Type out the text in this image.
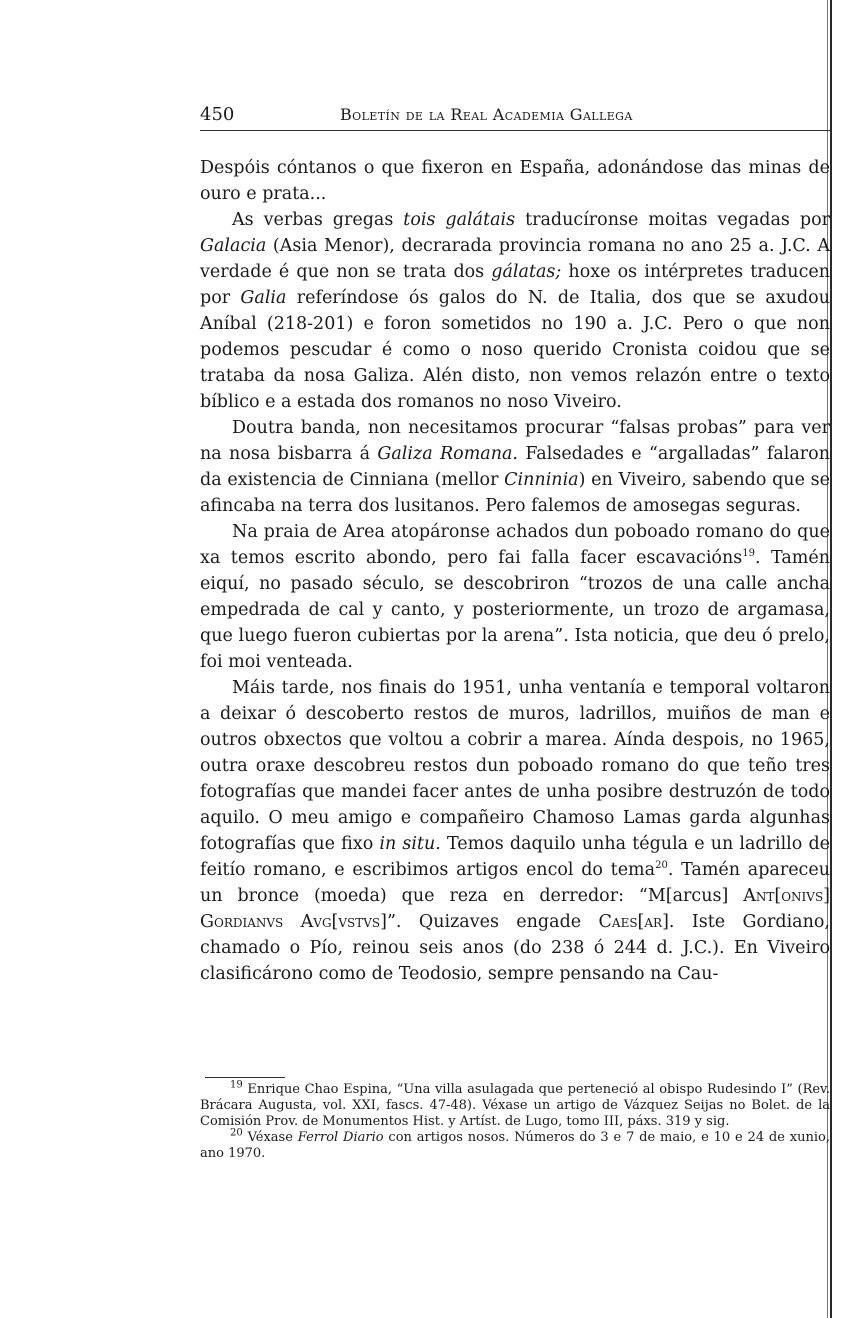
450	Boletín de la Real Academia Gallega

Despóis cóntanos o que fixeron en España, adonándose das minas de ouro e prata...

As verbas gregas tois galátais traducíronse moitas vegadas por Galacia (Asia Menor), decrarada provincia romana no ano 25 a. J.C. A verdade é que non se trata dos gálatas; hoxe os intérpretes traducen por Galia referíndose ós galos do N. de Italia, dos que se axudou Aníbal (218-201) e foron sometidos no 190 a. J.C. Pero o que non podemos pescudar é como o noso querido Cronista coidou que se trataba da nosa Galiza. Alén disto, non vemos relazón entre o texto bíblico e a estada dos romanos no noso Viveiro.

Doutra banda, non necesitamos procurar “falsas probas” para ver na nosa bisbarra á Galiza Romana. Falsedades e “argalladas” falaron da existencia de Cinniana (mellor Cinninia) en Viveiro, sabendo que se afincaba na terra dos lusitanos. Pero falemos de amosegas seguras.

Na praia de Area atopáronse achados dun poboado romano do que xa temos escrito abondo, pero fai falla facer escavacións$^{19}$. Tamén eiquí, no pasado século, se descobriron “trozos de una calle ancha empedrada de cal y canto, y posteriormente, un trozo de argamasa, que luego fueron cubiertas por la arena”. Ista noticia, que deu ó prelo, foi moi venteada.

Máis tarde, nos finais do 1951, unha ventanía e temporal voltaron a deixar ó descoberto restos de muros, ladrillos, muiños de man e outros obxectos que voltou a cobrir a marea. Aínda despois, no 1965, outra oraxe descobreu restos dun poboado romano do que teño tres fotografías que mandei facer antes de unha posibre destruzón de todo aquilo. O meu amigo e compañeiro Chamoso Lamas garda algunhas fotografías que fixo in situ. Temos daquilo unha tégula e un ladrillo de feitío romano, e escribimos artigos encol do tema$^{20}$. Tamén apareceu un bronce (moeda) que reza en derredor: “M[arcus] Ant[onivs] Gordianvs Avg[vstvs]”. Quizaves engade Caes[ar]. Iste Gordiano, chamado o Pío, reinou seis anos (do 238 ó 244 d. J.C.). En Viveiro clasificárono como de Teodosio, sempre pensando na Cau-

$^{19}$ Enrique Chao Espina, “Una villa asulagada que perteneció al obispo Rudesindo I” (Rev. Brácara Augusta, vol. XXI, fascs. 47-48). Véxase un artigo de Vázquez Seijas no Bolet. de la Comisión Prov. de Monumentos Hist. y Artíst. de Lugo, tomo III, páxs. 319 y sig.

$^{20}$ Véxase Ferrol Diario con artigos nosos. Números do 3 e 7 de maio, e 10 e 24 de xunio, ano 1970.
